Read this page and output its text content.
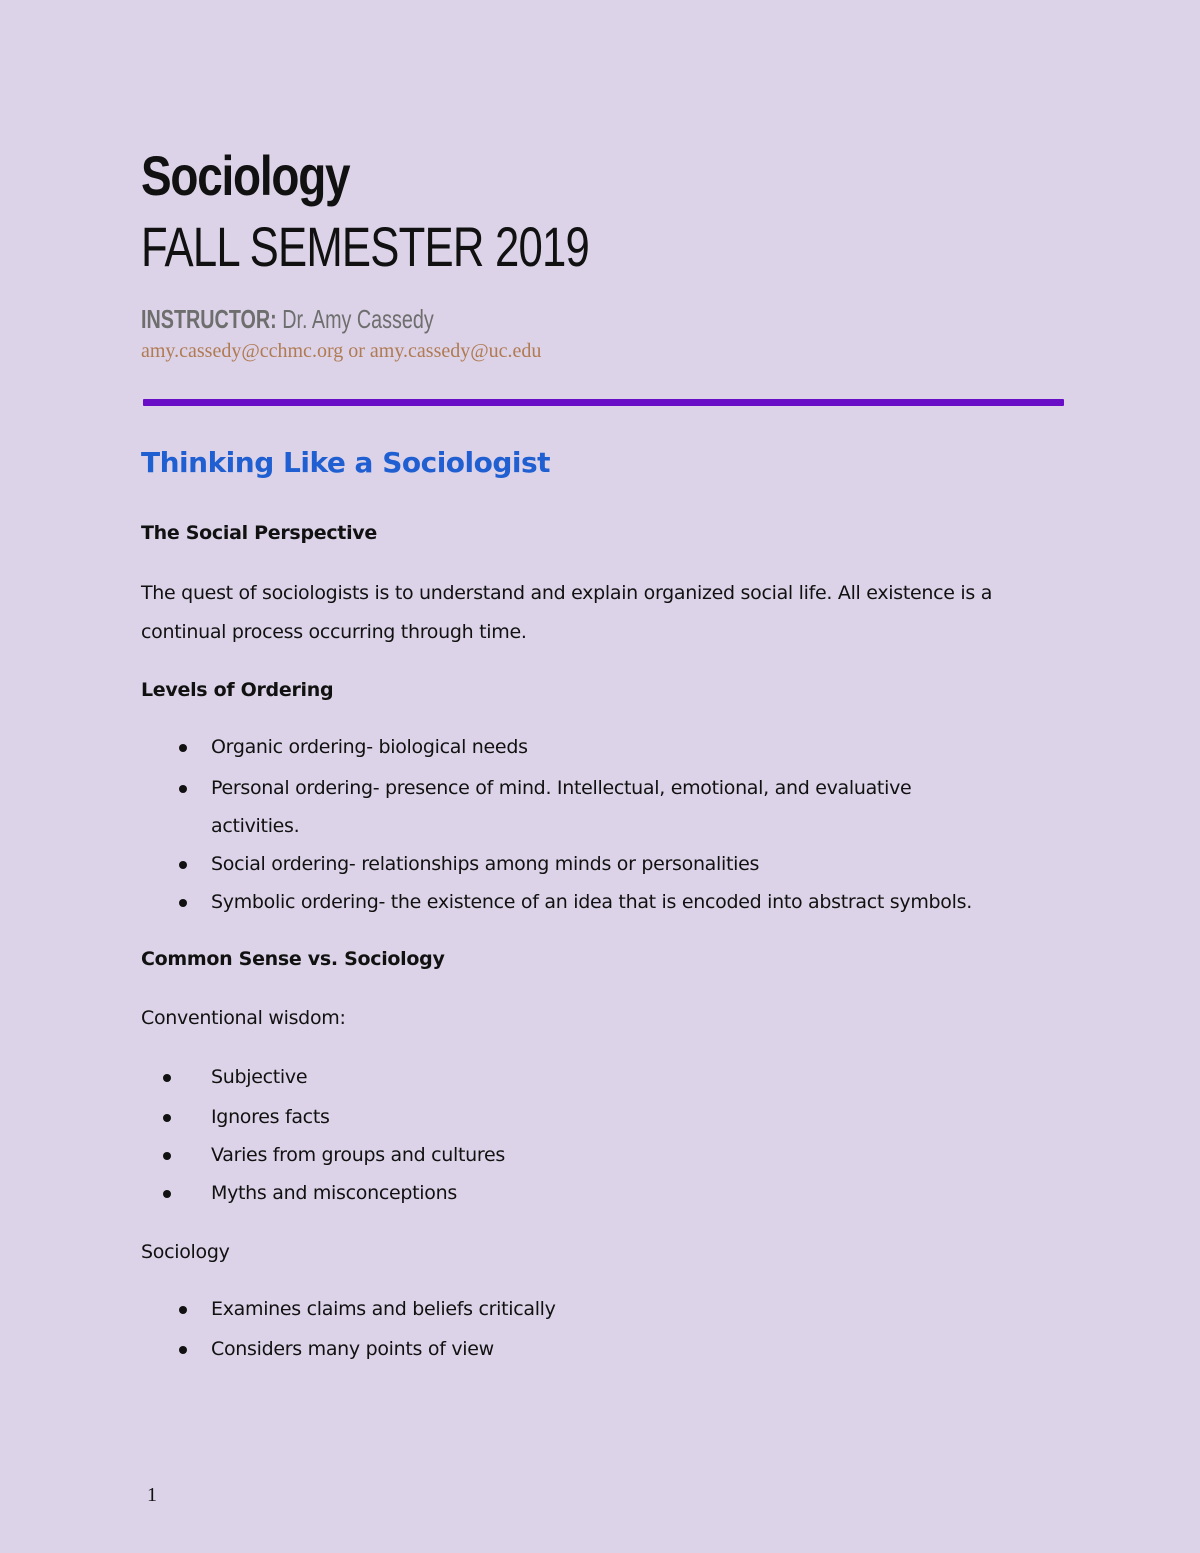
Sociology
FALL SEMESTER 2019
INSTRUCTOR: Dr. Amy Cassedy
amy.cassedy@cchmc.org or amy.cassedy@uc.edu
Thinking Like a Sociologist
The Social Perspective

The quest of sociologists is to understand and explain organized social life. All existence is a

continual process occurring through time.

Levels of Ordering
Organic ordering- biological needs
Personal ordering- presence of mind. Intellectual, emotional, and evaluative
activities.
Social ordering- relationships among minds or personalities
Symbolic ordering- the existence of an idea that is encoded into abstract symbols.
Common Sense vs. Sociology

Conventional wisdom:

Subjective
Ignores facts
Varies from groups and cultures
Myths and misconceptions

Sociology

Examines claims and beliefs critically
Considers many points of view
1
